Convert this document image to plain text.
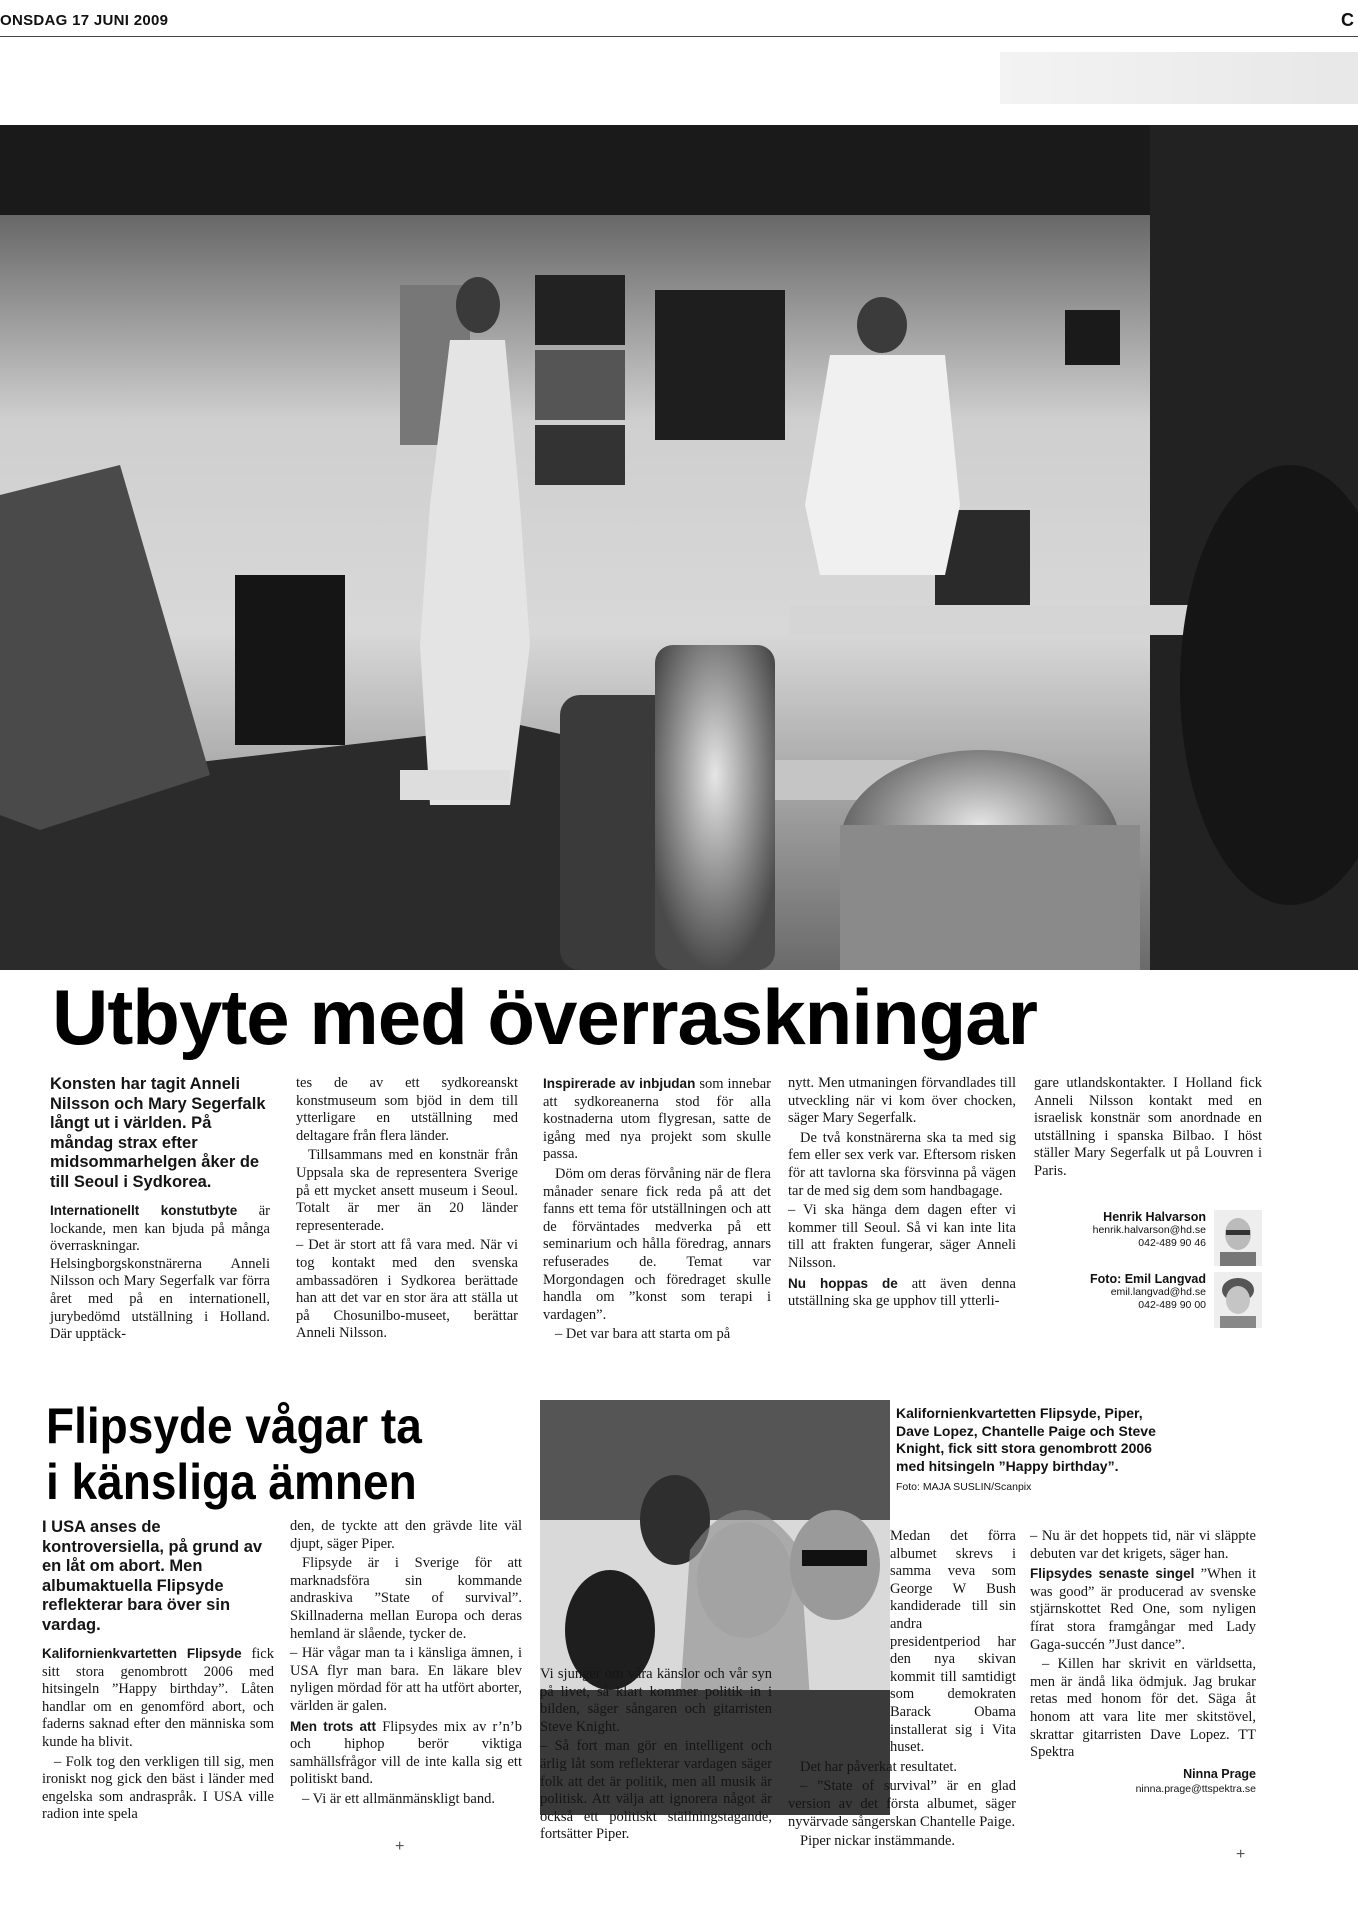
ONSDAG 17 JUNI 2009	C
Utbyte med överraskningar

Konsten har tagit Anneli Nilsson och Mary Segerfalk långt ut i världen. På måndag strax efter midsommarhelgen åker de till Seoul i Sydkorea.

Internationellt konstutbyte är lockande, men kan bjuda på många överraskningar. Helsingborgskonstnärerna Anneli Nilsson och Mary Segerfalk var förra året med på en internationell, jurybedömd utställning i Holland. Där upptäck-

tes de av ett sydkoreanskt konstmuseum som bjöd in dem till ytterligare en utställning med deltagare från flera länder.

Tillsammans med en konstnär från Uppsala ska de representera Sverige på ett mycket ansett museum i Seoul. Totalt är mer än 20 länder representerade.

– Det är stort att få vara med. När vi tog kontakt med den svenska ambassadören i Sydkorea berättade han att det var en stor ära att ställa ut på Chosunilbo-museet, berättar Anneli Nilsson.

Inspirerade av inbjudan som innebar att sydkoreanerna stod för alla kostnaderna utom flygresan, satte de igång med nya projekt som skulle passa.

Döm om deras förvåning när de flera månader senare fick reda på att det fanns ett tema för utställningen och att de förväntades medverka på ett seminarium och hålla föredrag, annars refuserades de. Temat var Morgondagen och föredraget skulle handla om ”konst som terapi i vardagen”.

– Det var bara att starta om på

nytt. Men utmaningen förvandlades till utveckling när vi kom över chocken, säger Mary Segerfalk.

De två konstnärerna ska ta med sig fem eller sex verk var. Eftersom risken för att tavlorna ska försvinna på vägen tar de med sig dem som handbagage.

– Vi ska hänga dem dagen efter vi kommer till Seoul. Så vi kan inte lita till att frakten fungerar, säger Anneli Nilsson.

Nu hoppas de att även denna utställning ska ge upphov till ytterli-

gare utlandskontakter. I Holland fick Anneli Nilsson kontakt med en israelisk konstnär som anordnade en utställning i spanska Bilbao. I höst ställer Mary Segerfalk ut på Louvren i Paris.

Henrik Halvarson
henrik.halvarson@hd.se
042-489 90 46
Foto: Emil Langvad
emil.langvad@hd.se
042-489 90 00
Flipsyde vågar ta
i känsliga ämnen

I USA anses de kontroversiella, på grund av en låt om abort. Men albumaktuella Flipsyde reflekterar bara över sin vardag.

Kalifornienkvartetten Flipsyde fick sitt stora genombrott 2006 med hitsingeln ”Happy birthday”. Låten handlar om en genomförd abort, och faderns saknad efter den människa som kunde ha blivit.

– Folk tog den verkligen till sig, men ironiskt nog gick den bäst i länder med engelska som andraspråk. I USA ville radion inte spela

den, de tyckte att den grävde lite väl djupt, säger Piper.

Flipsyde är i Sverige för att marknadsföra sin kommande andraskiva ”State of survival”. Skillnaderna mellan Europa och deras hemland är slående, tycker de.

– Här vågar man ta i känsliga ämnen, i USA flyr man bara. En läkare blev nyligen mördad för att ha utfört aborter, världen är galen.

Men trots att Flipsydes mix av r’n’b och hiphop berör viktiga samhällsfrågor vill de inte kalla sig ett politiskt band.

– Vi är ett allmänmänskligt band.

Kalifornienkvartetten Flipsyde, Piper, Dave Lopez, Chantelle Paige och Steve Knight, fick sitt stora genombrott 2006 med hitsingeln ”Happy birthday”.
Foto: MAJA SUSLIN/Scanpix

Vi sjunger om våra känslor och vår syn på livet, så klart kommer politik in i bilden, säger sångaren och gitarristen Steve Knight.

– Så fort man gör en intelligent och ärlig låt som reflekterar vardagen säger folk att det är politik, men all musik är politisk. Att välja att ignorera något är också ett politiskt ställningstagande, fortsätter Piper.

Medan det förra albumet skrevs i samma veva som George W Bush kandiderade till sin andra presidentperiod har den nya skivan kommit till samtidigt som demokraten Barack Obama installerat sig i Vita huset.

Det har påverkat resultatet.

– ”State of survival” är en glad version av det första albumet, säger nyvärvade sångerskan Chantelle Paige.

Piper nickar instämmande.

– Nu är det hoppets tid, när vi släppte debuten var det krigets, säger han.

Flipsydes senaste singel ”When it was good” är producerad av svenske stjärnskottet Red One, som nyligen fírat stora framgångar med Lady Gaga-succén ”Just dance”.

– Killen har skrivit en världsetta, men är ändå lika ödmjuk. Jag brukar retas med honom för det. Säga åt honom att vara lite mer skitstövel, skrattar gitarristen Dave Lopez. TT Spektra

Ninna Prage
ninna.prage@ttspektra.se
+	+
